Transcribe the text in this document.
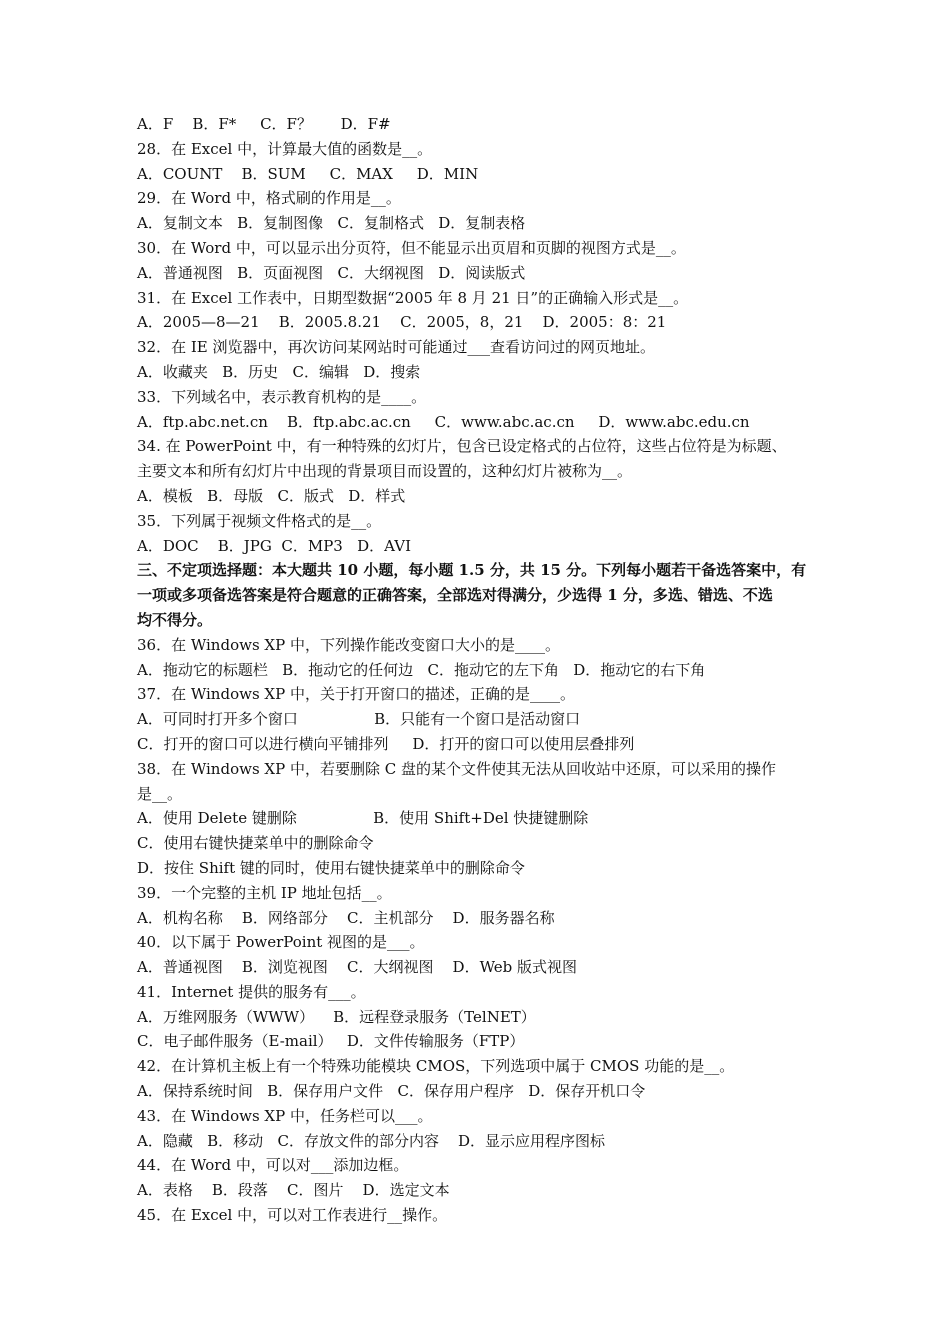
A．F    B．F*     C．F？      D．F#
28．在 Excel 中，计算最大值的函数是__。
A．COUNT    B．SUM     C．MAX     D．MIN
29．在 Word 中，格式刷的作用是__。
A．复制文本   B．复制图像   C．复制格式   D．复制表格
30．在 Word 中，可以显示出分页符，但不能显示出页眉和页脚的视图方式是__。
A．普通视图   B．页面视图   C．大纲视图   D．阅读版式
31．在 Excel 工作表中，日期型数据“2005 年 8 月 21 日”的正确输入形式是__。
A．2005—8—21    B．2005.8.21    C．2005，8，21    D．2005：8：21
32．在 IE 浏览器中，再次访问某网站时可能通过___查看访问过的网页地址。
A．收藏夹   B．历史   C．编辑   D．搜索
33．下列域名中，表示教育机构的是____。
A．ftp.abc.net.cn    B．ftp.abc.ac.cn     C．www.abc.ac.cn     D．www.abc.edu.cn
34. 在 PowerPoint 中，有一种特殊的幻灯片，包含已设定格式的占位符，这些占位符是为标题、
主要文本和所有幻灯片中出现的背景项目而设置的，这种幻灯片被称为__。
A．模板   B．母版   C．版式   D．样式
35．下列属于视频文件格式的是__。
A．DOC    B．JPG  C．MP3   D．AVI
三、不定项选择题：本大题共 10 小题，每小题 1.5 分，共 15 分。下列每小题若干备选答案中，有
一项或多项备选答案是符合题意的正确答案，全部选对得满分，少选得 1 分，多选、错选、不选
均不得分。
36．在 Windows XP 中，下列操作能改变窗口大小的是____。
A．拖动它的标题栏   B．拖动它的任何边   C．拖动它的左下角   D．拖动它的右下角
37．在 Windows XP 中，关于打开窗口的描述，正确的是____。
A．可同时打开多个窗口                B．只能有一个窗口是活动窗口
C．打开的窗口可以进行横向平铺排列     D．打开的窗口可以使用层叠排列
38．在 Windows XP 中，若要删除 C 盘的某个文件使其无法从回收站中还原，可以采用的操作
是__。
A．使用 Delete 键删除                B．使用 Shift+Del 快捷键删除
C．使用右键快捷菜单中的删除命令
D．按住 Shift 键的同时，使用右键快捷菜单中的删除命令
39．一个完整的主机 IP 地址包括__。
A．机构名称    B．网络部分    C．主机部分    D．服务器名称
40．以下属于 PowerPoint 视图的是___。
A．普通视图    B．浏览视图    C．大纲视图    D．Web 版式视图
41．Internet 提供的服务有___。
A．万维网服务（WWW）    B．远程登录服务（TelNET）
C．电子邮件服务（E-mail）   D．文件传输服务（FTP）
42．在计算机主板上有一个特殊功能模块 CMOS，下列选项中属于 CMOS 功能的是__。
A．保持系统时间   B．保存用户文件   C．保存用户程序   D．保存开机口令
43．在 Windows XP 中，任务栏可以___。
A．隐藏   B．移动   C．存放文件的部分内容    D．显示应用程序图标
44．在 Word 中，可以对___添加边框。
A．表格    B．段落    C．图片    D．选定文本
45．在 Excel 中，可以对工作表进行__操作。
